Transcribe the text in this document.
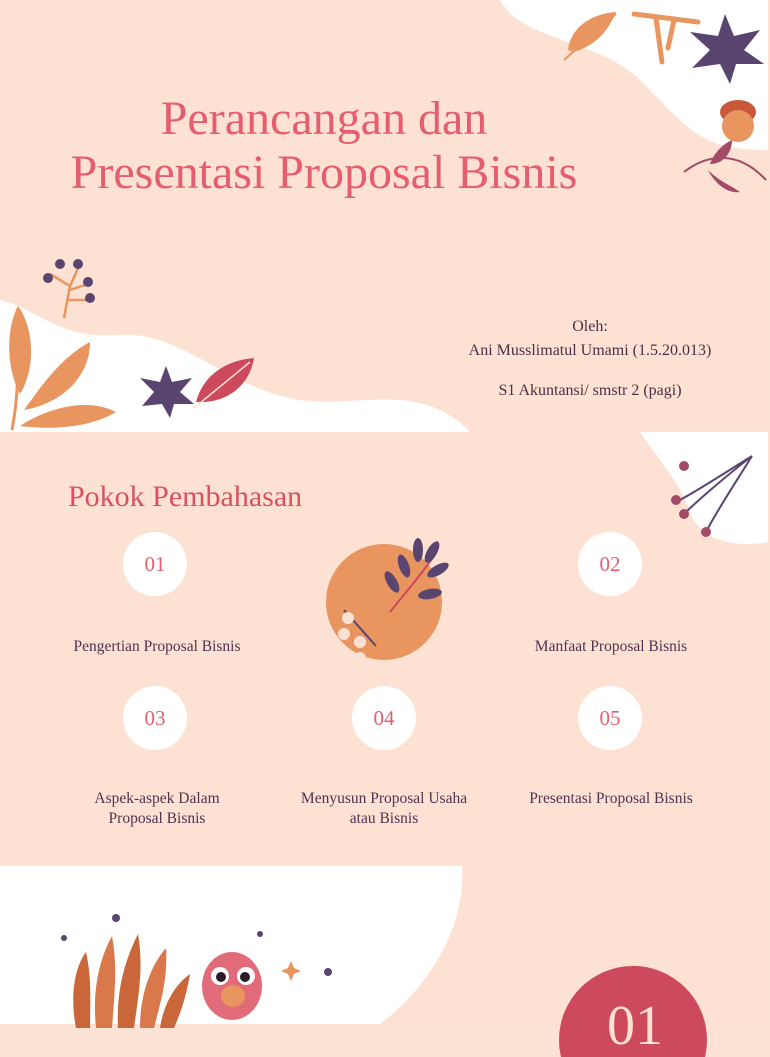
Perancangan dan
Presentasi Proposal Bisnis
Oleh:
Ani Musslimatul Umami (1.5.20.013)
S1 Akuntansi/ smstr 2 (pagi)
Pokok Pembahasan
01
Pengertian Proposal Bisnis
02
Manfaat Proposal Bisnis
03
Aspek-aspek Dalam Proposal Bisnis
04
Menyusun Proposal Usaha atau Bisnis
05
Presentasi Proposal Bisnis
01
